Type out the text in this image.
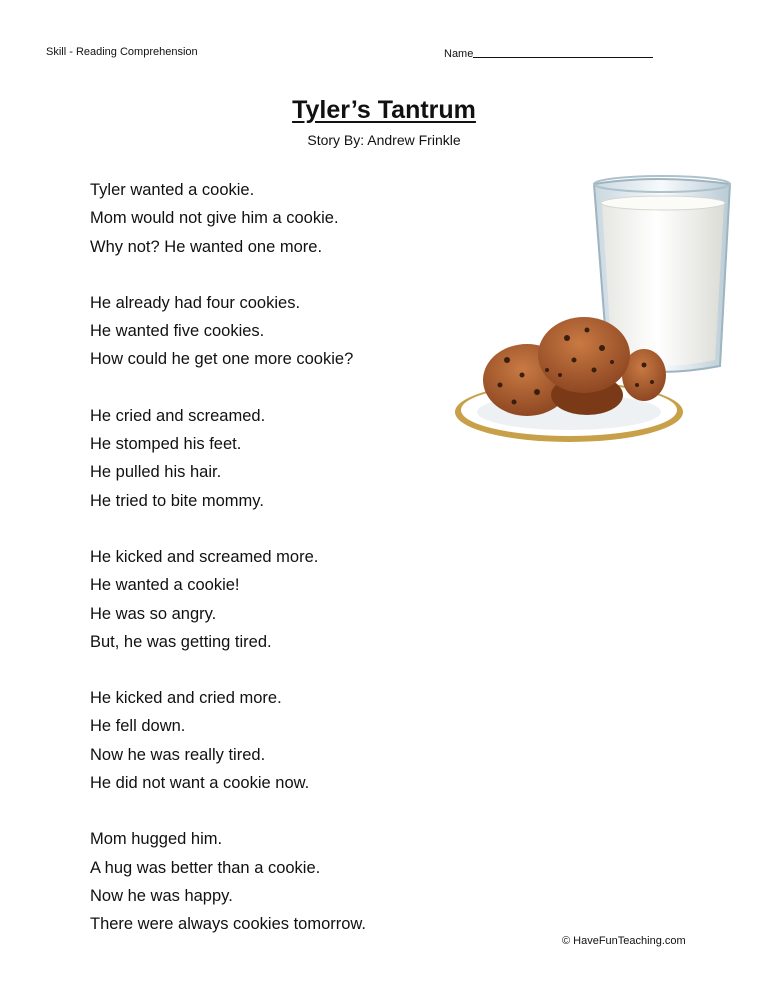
Skill - Reading Comprehension	Name
Tyler’s Tantrum
Story By: Andrew Frinkle
Tyler wanted a cookie.
Mom would not give him a cookie.
Why not? He wanted one more.
He already had four cookies.
He wanted five cookies.
How could he get one more cookie?
He cried and screamed.
He stomped his feet.
He pulled his hair.
He tried to bite mommy.
He kicked and screamed more.
He wanted a cookie!
He was so angry.
But, he was getting tired.
He kicked and cried more.
He fell down.
Now he was really tired.
He did not want a cookie now.
Mom hugged him.
A hug was better than a cookie.
Now he was happy.
There were always cookies tomorrow.
© HaveFunTeaching.com
